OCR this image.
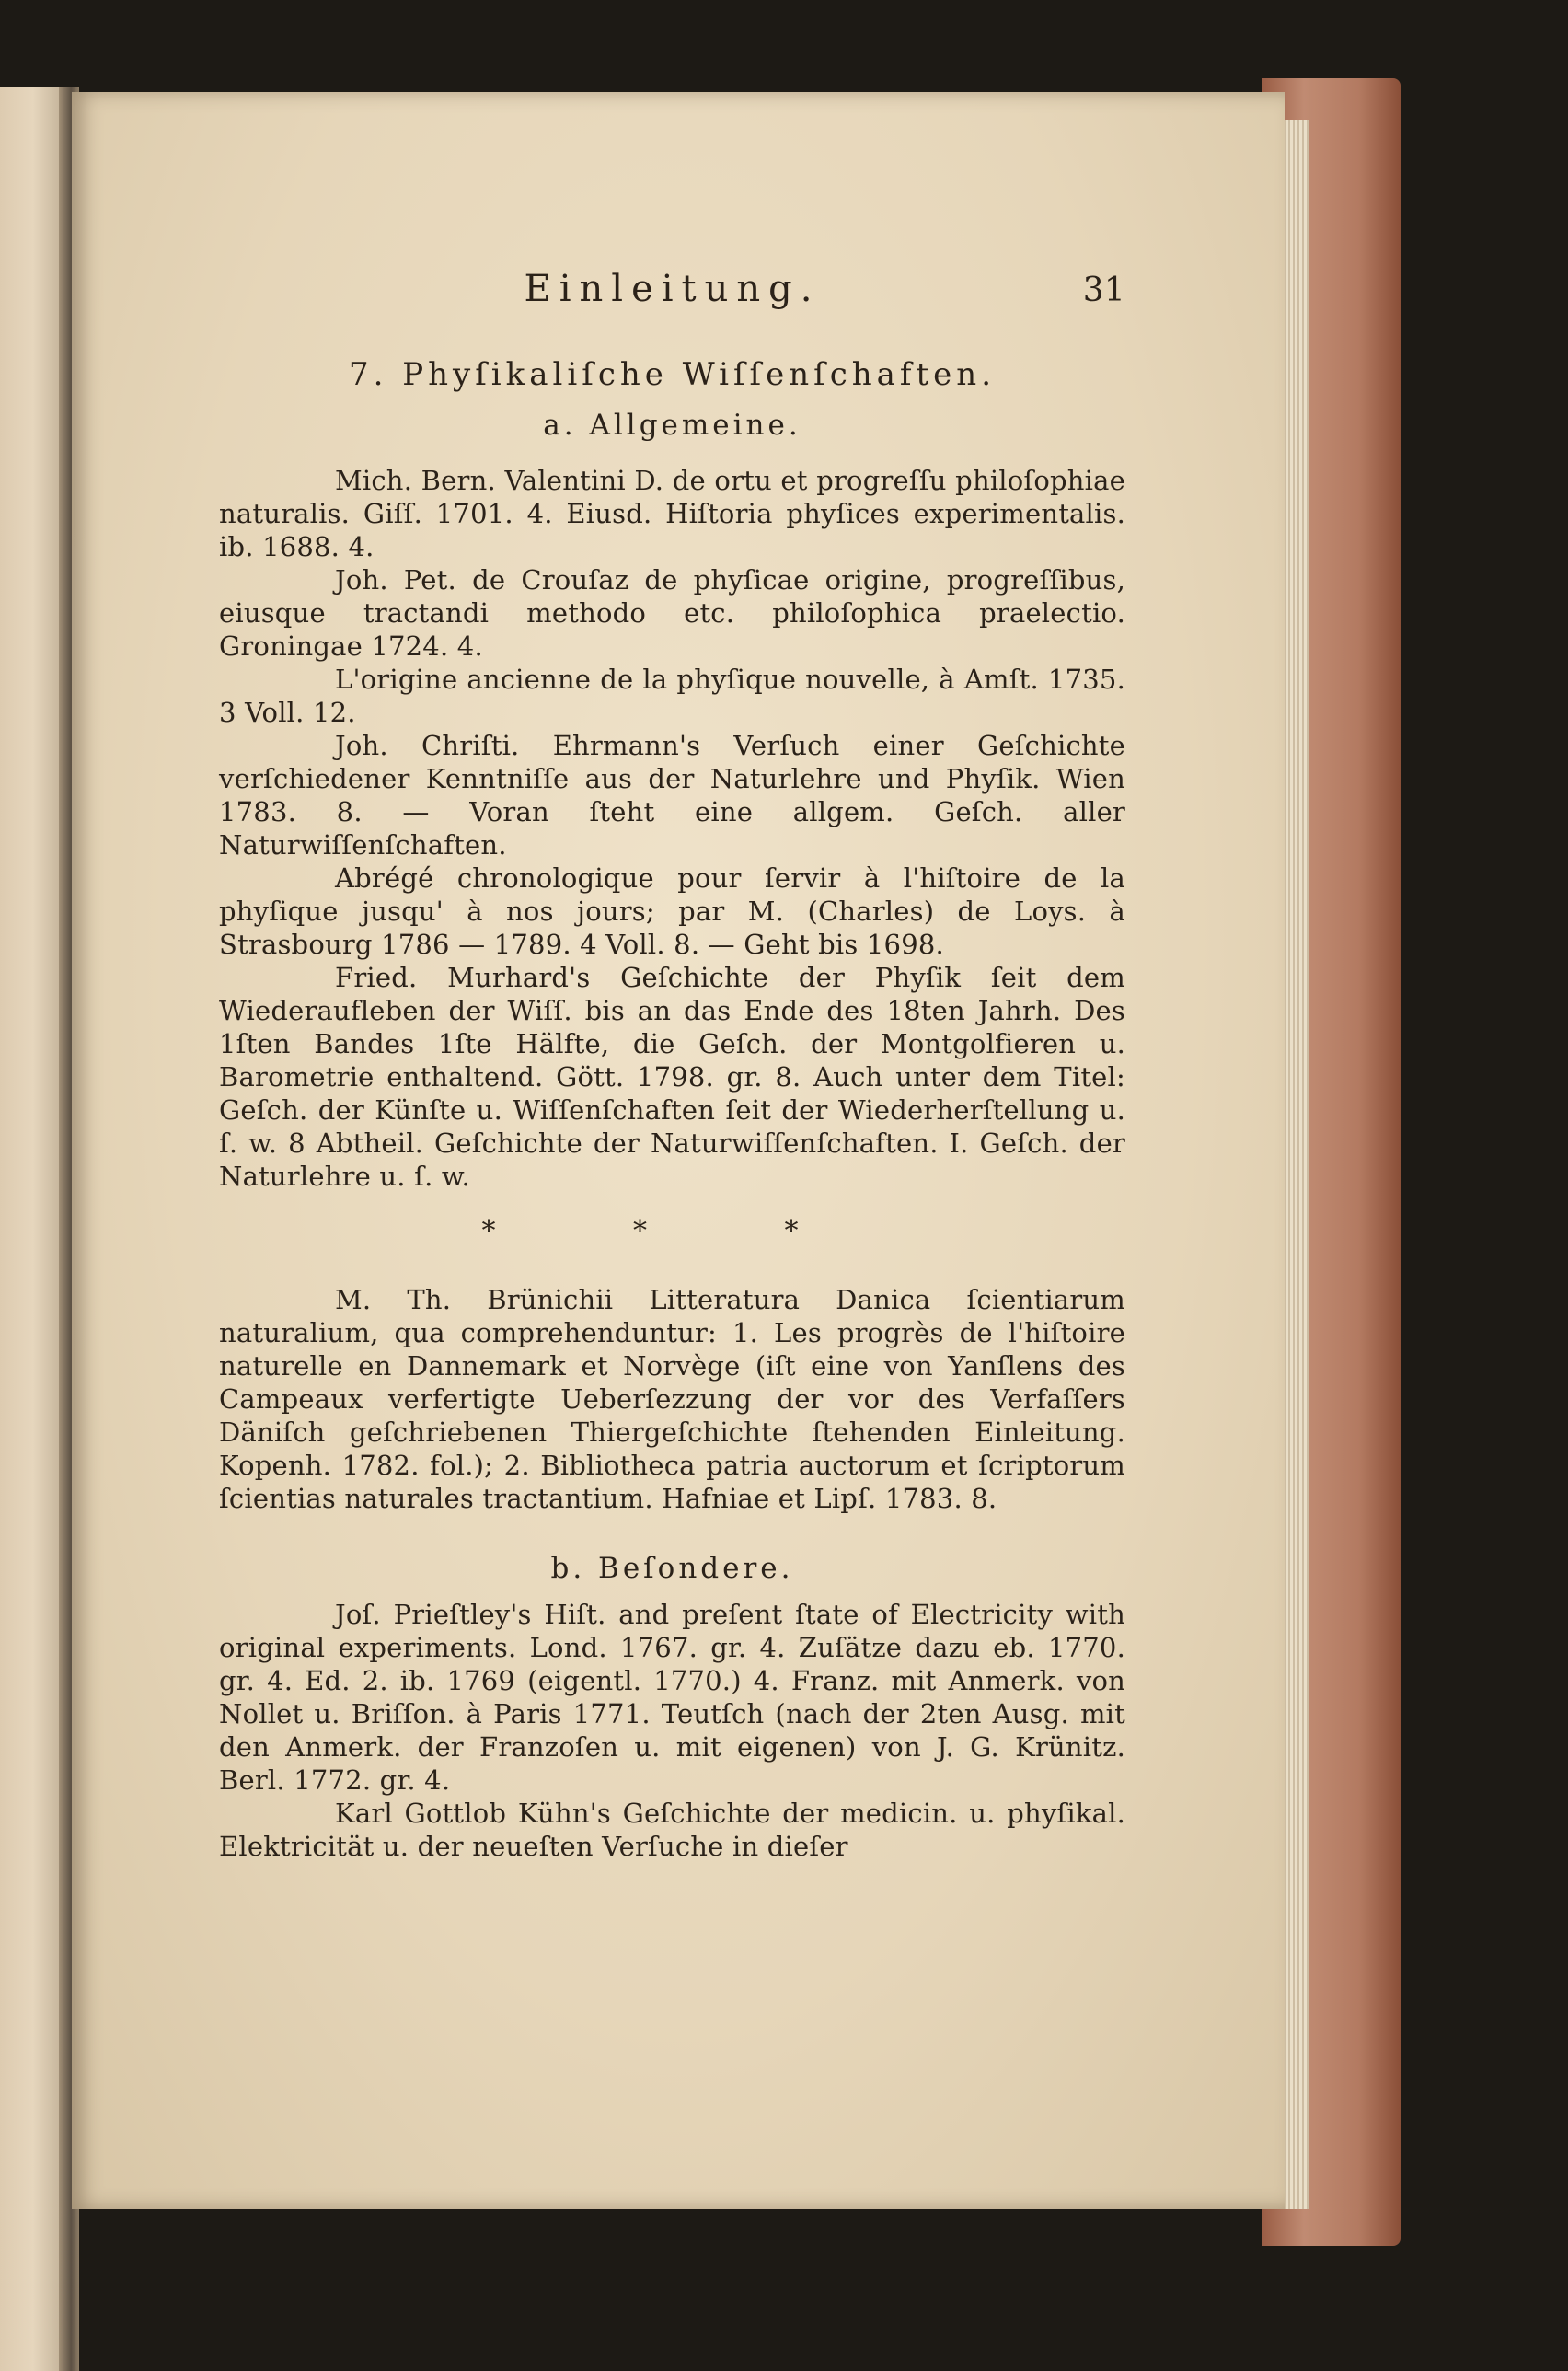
Einleitung.	31
7. Phyſikaliſche Wiſſenſchaften.
a. Allgemeine.

Mich. Bern. Valentini D. de ortu et progreſſu philoſophiae naturalis. Giſſ. 1701. 4. Eiusd. Hiſtoria phyſices experimentalis. ib. 1688. 4.

Joh. Pet. de Crouſaz de phyſicae origine, progreſſibus, eiusque tractandi methodo etc. philoſophica praelectio. Groningae 1724. 4.

L'origine ancienne de la phyſique nouvelle, à Amſt. 1735. 3 Voll. 12.

Joh. Chriſti. Ehrmann's Verſuch einer Geſchichte verſchiedener Kenntniſſe aus der Naturlehre und Phyſik. Wien 1783. 8. — Voran ſteht eine allgem. Geſch. aller Naturwiſſenſchaften.

Abrégé chronologique pour ſervir à l'hiſtoire de la phyſique jusqu' à nos jours; par M. (Charles) de Loys. à Strasbourg 1786 — 1789. 4 Voll. 8. — Geht bis 1698.

Fried. Murhard's Geſchichte der Phyſik ſeit dem Wiederaufleben der Wiſſ. bis an das Ende des 18ten Jahrh. Des 1ſten Bandes 1ſte Hälfte, die Geſch. der Montgolfieren u. Barometrie enthaltend. Gött. 1798. gr. 8. Auch unter dem Titel: Geſch. der Künſte u. Wiſſenſchaften ſeit der Wiederherſtellung u. ſ. w. 8 Abtheil. Geſchichte der Naturwiſſenſchaften. I. Geſch. der Naturlehre u. ſ. w.

* * *

M. Th. Brünichii Litteratura Danica ſcientiarum naturalium, qua comprehenduntur: 1. Les progrès de l'hiſtoire naturelle en Dannemark et Norvège (iſt eine von Yanſlens des Campeaux verfertigte Ueberſezzung der vor des Verfaſſers Däniſch geſchriebenen Thiergeſchichte ſtehenden Einleitung. Kopenh. 1782. fol.); 2. Bibliotheca patria auctorum et ſcriptorum ſcientias naturales tractantium. Hafniae et Lipſ. 1783. 8.

b. Beſondere.

Joſ. Prieſtley's Hiſt. and preſent ſtate of Electricity with original experiments. Lond. 1767. gr. 4. Zuſätze dazu eb. 1770. gr. 4. Ed. 2. ib. 1769 (eigentl. 1770.) 4. Franz. mit Anmerk. von Nollet u. Briſſon. à Paris 1771. Teutſch (nach der 2ten Ausg. mit den Anmerk. der Franzoſen u. mit eigenen) von J. G. Krünitz. Berl. 1772. gr. 4.

Karl Gottlob Kühn's Geſchichte der medicin. u. phyſikal. Elektricität u. der neueſten Verſuche in dieſer
